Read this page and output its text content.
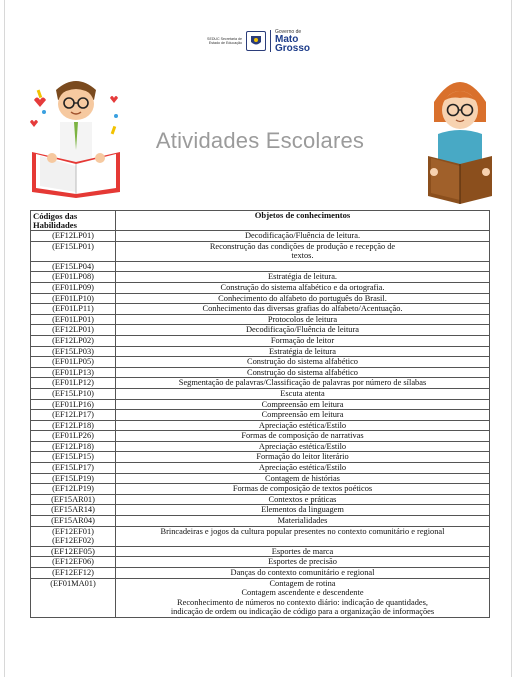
SEDUC Secretaria de Estado de Educação
Governo de
Mato
Grosso
Atividades Escolares
Códigos das Habilidades	Objetos de conhecimentos

(EF12LP01)	Decodificação/Fluência de leitura.

(EF15LP01)	Reconstrução das condições de produção e recepção de
textos.

(EF15LP04)	

(EF01LP08)	Estratégia de leitura.

(EF01LP09)	Construção do sistema alfabético e da ortografia.

(EF01LP10)	Conhecimento do alfabeto do português do Brasil.

(EF01LP11)	Conhecimento das diversas grafias do alfabeto/Acentuação.

(EF01LP01)	Protocolos de leitura

(EF12LP01)	Decodificação/Fluência de leitura

(EF12LP02)	Formação de leitor

(EF15LP03)	Estratégia de leitura

(EF01LP05)	Construção do sistema alfabético

(EF01LP13)	Construção do sistema alfabético

(EF01LP12)	Segmentação de palavras/Classificação de palavras por número de sílabas

(EF15LP10)	Escuta atenta

(EF01LP16)	Compreensão em leitura

(EF12LP17)	Compreensão em leitura

(EF12LP18)	Apreciação estética/Estilo

(EF01LP26)	Formas de composição de narrativas

(EF12LP18)	Apreciação estética/Estilo

(EF15LP15)	Formação do leitor literário

(EF15LP17)	Apreciação estética/Estilo

(EF15LP19)	Contagem de histórias

(EF12LP19)	Formas de composição de textos poéticos

(EF15AR01)	Contextos e práticas

(EF15AR14)	Elementos da linguagem

(EF15AR04)	Materialidades

(EF12EF01)
(EF12EF02)	Brincadeiras e jogos da cultura popular presentes no contexto comunitário e regional

(EF12EF05)	Esportes de marca

(EF12EF06)	Esportes de precisão

(EF12EF12)	Danças do contexto comunitário e regional

(EF01MA01)	Contagem de rotina
Contagem ascendente e descendente
Reconhecimento de números no contexto diário: indicação de quantidades,
indicação de ordem ou indicação de código para a organização de informações
